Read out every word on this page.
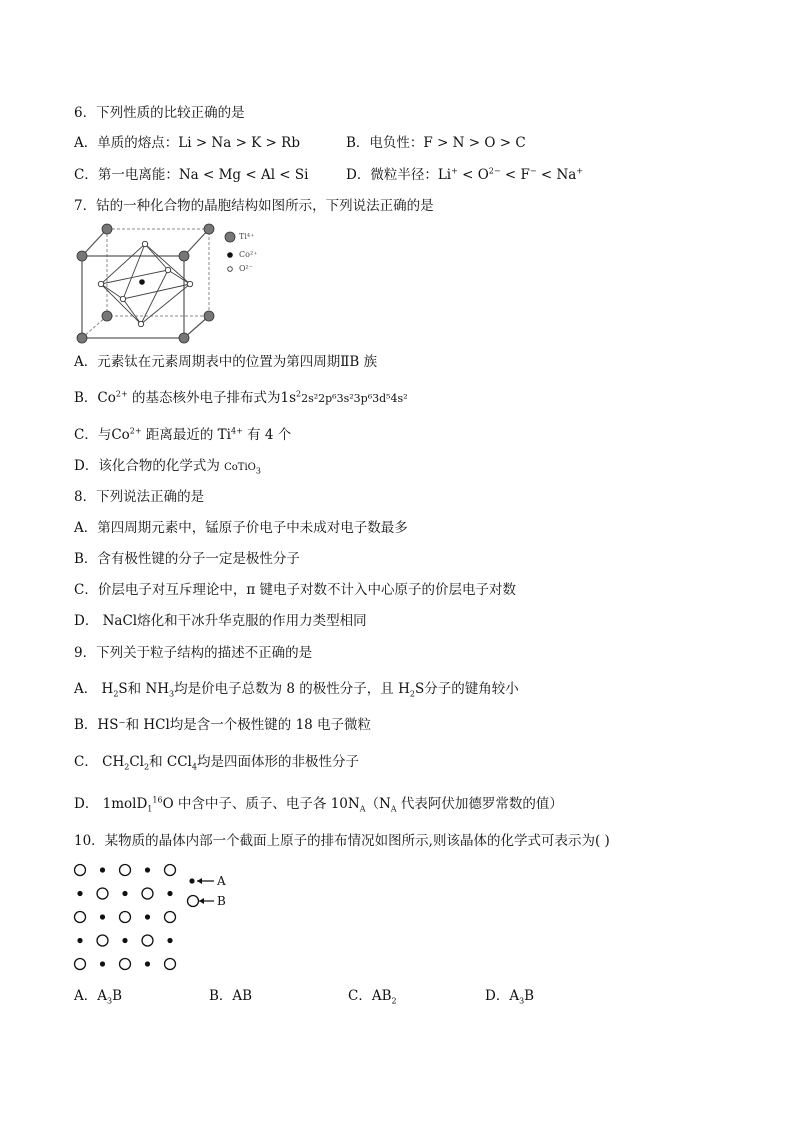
6．下列性质的比较正确的是
A．单质的熔点：Li > Na > K > Rb	B．电负性：F > N > O > C
C．第一电离能：Na < Mg < Al < Si	D．微粒半径：$Li^+ < O^{2-} < F^- < Na^+$
7．钴的一种化合物的晶胞结构如图所示，下列说法正确的是
Ti⁴⁺
Co²⁺
O²⁻
A．元素钛在元素周期表中的位置为第四周期ⅡB 族
B．$Co^{2+}$ 的基态核外电子排布式为$1s^22s^22p^63s^23p^63d^54s^2$
C．与$Co^{2+}$ 距离最近的 $Ti^{4+}$ 有 4 个
D．该化合物的化学式为 CoTiO$_3$
8．下列说法正确的是
A．第四周期元素中，锰原子价电子中未成对电子数最多
B．含有极性键的分子一定是极性分子
C．价层电子对互斥理论中，π 键电子对数不计入中心原子的价层电子对数
D． NaCl熔化和干冰升华克服的作用力类型相同
9．下列关于粒子结构的描述不正确的是
A． $H_2S$和 $NH_3$均是价电子总数为 8 的极性分子，且 $H_2S$分子的键角较小
B．HS⁻和 HCl均是含一个极性键的 18 电子微粒
C． $CH_2Cl_2$和 CCl$_4$均是四面体形的非极性分子
D． 1molD$_1^{16}$O 中含中子、质子、电子各 $10N_A(N_A$ 代表阿伏加德罗常数的值）
10．某物质的晶体内部一个截面上原子的排布情况如图所示,则该晶体的化学式可表示为( )
A
B
A．$A_3B$	B．AB	C．$AB_2$	D．$A_3B$
